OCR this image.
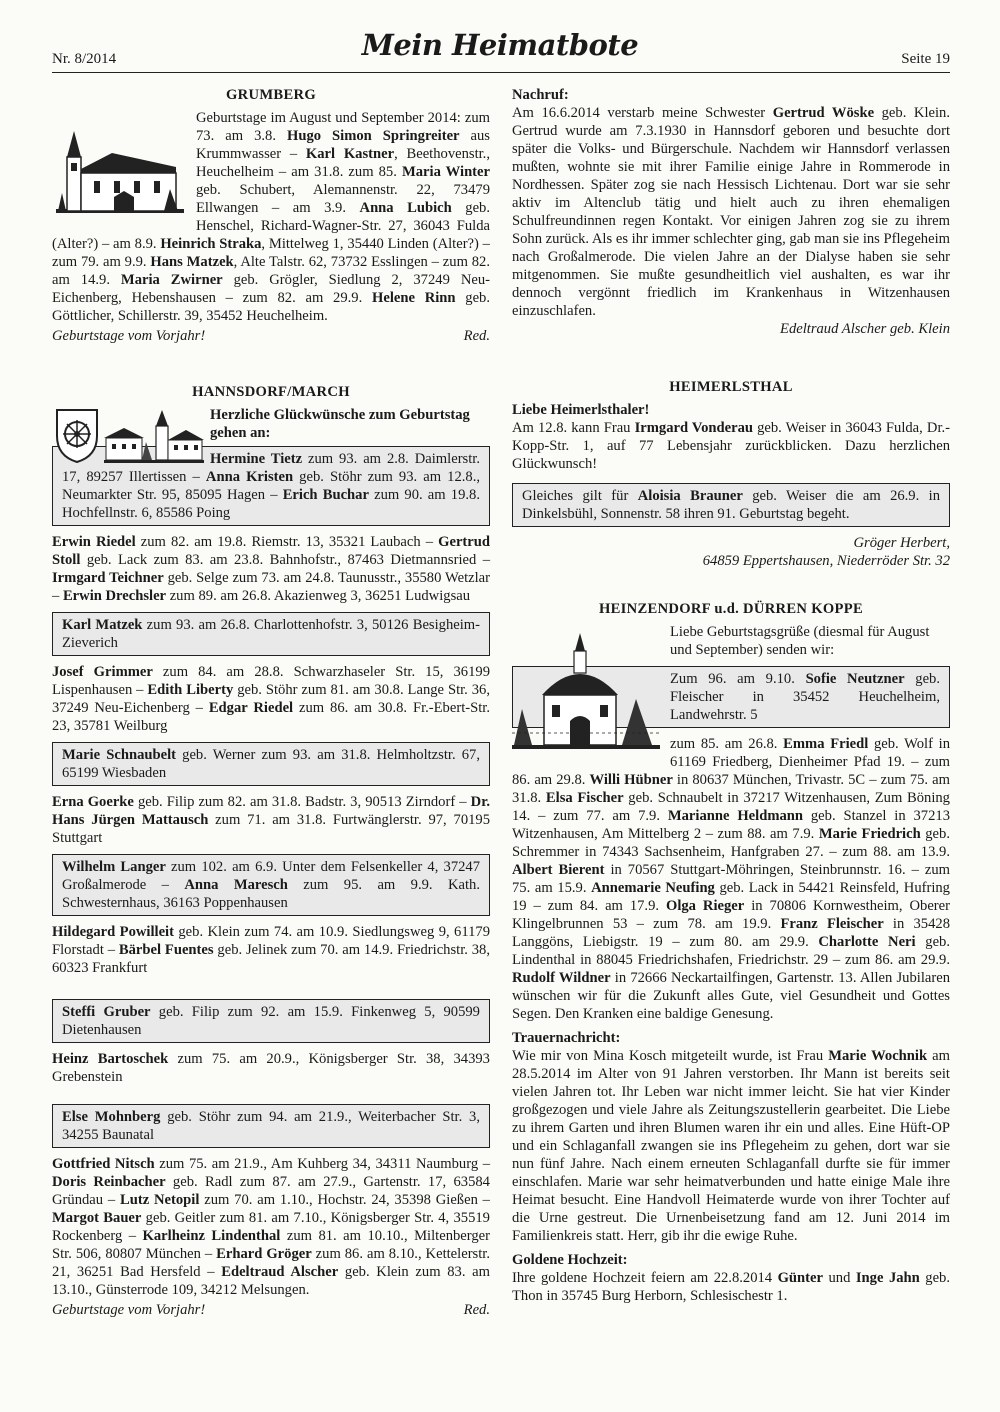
Nr. 8/2014	Mein Heimatbote	Seite 19
GRUMBERG

Geburtstage im August und September 2014: zum 73. am 3.8. Hugo Simon Springreiter aus Krummwasser – Karl Kastner, Beethovenstr., Heuchelheim – am 31.8. zum 85. Maria Winter geb. Schubert, Alemannenstr. 22, 73479 Ellwangen – am 3.9. Anna Lubich geb. Henschel, Richard-Wagner-Str. 27, 36043 Fulda (Alter?) – am 8.9. Heinrich Straka, Mittelweg 1, 35440 Linden (Alter?) – zum 79. am 9.9. Hans Matzek, Alte Talstr. 62, 73732 Esslingen – zum 82. am 14.9. Maria Zwirner geb. Grögler, Siedlung 2, 37249 Neu-Eichenberg, Hebenshausen – zum 82. am 29.9. Helene Rinn geb. Göttlicher, Schillerstr. 39, 35452 Heuchelheim.

Geburtstage vom Vorjahr!	Red.
HANNSDORF/MARCH

Herzliche Glückwünsche zum Geburtstag gehen an:

Hermine Tietz zum 93. am 2.8. Daimlerstr. 17, 89257 Illertissen – Anna Kristen geb. Stöhr zum 93. am 12.8., Neumarkter Str. 95, 85095 Hagen – Erich Buchar zum 90. am 19.8. Hochfellnstr. 6, 85586 Poing

Erwin Riedel zum 82. am 19.8. Riemstr. 13, 35321 Laubach – Gertrud Stoll geb. Lack zum 83. am 23.8. Bahnhofstr., 87463 Dietmannsried – Irmgard Teichner geb. Selge zum 73. am 24.8. Taunusstr., 35580 Wetzlar – Erwin Drechsler zum 89. am 26.8. Akazienweg 3, 36251 Ludwigsau

Karl Matzek zum 93. am 26.8. Charlottenhofstr. 3, 50126 Besigheim-Zieverich

Josef Grimmer zum 84. am 28.8. Schwarzhaseler Str. 15, 36199 Lispenhausen – Edith Liberty geb. Stöhr zum 81. am 30.8. Lange Str. 36, 37249 Neu-Eichenberg – Edgar Riedel zum 86. am 30.8. Fr.-Ebert-Str. 23, 35781 Weilburg

Marie Schnaubelt geb. Werner zum 93. am 31.8. Helmholtzstr. 67, 65199 Wiesbaden

Erna Goerke geb. Filip zum 82. am 31.8. Badstr. 3, 90513 Zirndorf – Dr. Hans Jürgen Mattausch zum 71. am 31.8. Furtwänglerstr. 97, 70195 Stuttgart

Wilhelm Langer zum 102. am 6.9. Unter dem Felsenkeller 4, 37247 Großalmerode – Anna Maresch zum 95. am 9.9. Kath. Schwesternhaus, 36163 Poppenhausen

Hildegard Powilleit geb. Klein zum 74. am 10.9. Siedlungsweg 9, 61179 Florstadt – Bärbel Fuentes geb. Jelinek zum 70. am 14.9. Friedrichstr. 38, 60323 Frankfurt

Steffi Gruber geb. Filip zum 92. am 15.9. Finkenweg 5, 90599 Dietenhausen

Heinz Bartoschek zum 75. am 20.9., Königsberger Str. 38, 34393 Grebenstein

Else Mohnberg geb. Stöhr zum 94. am 21.9., Weiterbacher Str. 3, 34255 Baunatal

Gottfried Nitsch zum 75. am 21.9., Am Kuhberg 34, 34311 Naumburg – Doris Reinbacher geb. Radl zum 87. am 27.9., Gartenstr. 17, 63584 Gründau – Lutz Netopil zum 70. am 1.10., Hochstr. 24, 35398 Gießen – Margot Bauer geb. Geitler zum 81. am 7.10., Königsberger Str. 4, 35519 Rockenberg – Karlheinz Lindenthal zum 81. am 10.10., Miltenberger Str. 506, 80807 München – Erhard Gröger zum 86. am 8.10., Kettelerstr. 21, 36251 Bad Hersfeld – Edeltraud Alscher geb. Klein zum 83. am 13.10., Günsterrode 109, 34212 Melsungen.

Geburtstage vom Vorjahr!	Red.
Nachruf:

Am 16.6.2014 verstarb meine Schwester Gertrud Wöske geb. Klein. Gertrud wurde am 7.3.1930 in Hannsdorf geboren und besuchte dort später die Volks- und Bürgerschule. Nachdem wir Hannsdorf verlassen mußten, wohnte sie mit ihrer Familie einige Jahre in Rommerode in Nordhessen. Später zog sie nach Hessisch Lichtenau. Dort war sie sehr aktiv im Altenclub tätig und hielt auch zu ihren ehemaligen Schulfreundinnen regen Kontakt. Vor einigen Jahren zog sie zu ihrem Sohn zurück. Als es ihr immer schlechter ging, gab man sie ins Pflegeheim nach Großalmerode. Die vielen Jahre an der Dialyse haben sie sehr mitgenommen. Sie mußte gesundheitlich viel aushalten, es war ihr dennoch vergönnt friedlich im Krankenhaus in Witzenhausen einzuschlafen.

Edeltraud Alscher geb. Klein
HEIMERLSTHAL
Liebe Heimerlsthaler!

Am 12.8. kann Frau Irmgard Vonderau geb. Weiser in 36043 Fulda, Dr.-Kopp-Str. 1, auf 77 Lebensjahr zurückblicken. Dazu herzlichen Glückwunsch!

Gleiches gilt für Aloisia Brauner geb. Weiser die am 26.9. in Dinkelsbühl, Sonnenstr. 58 ihren 91. Geburtstag begeht.
Gröger Herbert,
64859 Eppertshausen, Niederröder Str. 32
HEINZENDORF u.d. DÜRREN KOPPE

Liebe Geburtstagsgrüße (diesmal für August und September) senden wir:

Zum 96. am 9.10. Sofie Neutzner geb. Fleischer in 35452 Heuchelheim, Landwehrstr. 5

zum 85. am 26.8. Emma Friedl geb. Wolf in 61169 Friedberg, Dienheimer Pfad 19. – zum 86. am 29.8. Willi Hübner in 80637 München, Trivastr. 5C – zum 75. am 31.8. Elsa Fischer geb. Schnaubelt in 37217 Witzenhausen, Zum Böning 14. – zum 77. am 7.9. Marianne Heldmann geb. Stanzel in 37213 Witzenhausen, Am Mittelberg 2 – zum 88. am 7.9. Marie Friedrich geb. Schremmer in 74343 Sachsenheim, Hanfgraben 27. – zum 88. am 13.9. Albert Bierent in 70567 Stuttgart-Möhringen, Steinbrunnstr. 16. – zum 75. am 15.9. Annemarie Neufing geb. Lack in 54421 Reinsfeld, Hufring 19 – zum 84. am 17.9. Olga Rieger in 70806 Kornwestheim, Oberer Klingelbrunnen 53 – zum 78. am 19.9. Franz Fleischer in 35428 Langgöns, Liebigstr. 19 – zum 80. am 29.9. Charlotte Neri geb. Lindenthal in 88045 Friedrichshafen, Friedrichstr. 29 – zum 86. am 29.9. Rudolf Wildner in 72666 Neckartailfingen, Gartenstr. 13. Allen Jubilaren wünschen wir für die Zukunft alles Gute, viel Gesundheit und Gottes Segen. Den Kranken eine baldige Genesung.

Trauernachricht:

Wie mir von Mina Kosch mitgeteilt wurde, ist Frau Marie Wochnik am 28.5.2014 im Alter von 91 Jahren verstorben. Ihr Mann ist bereits seit vielen Jahren tot. Ihr Leben war nicht immer leicht. Sie hat vier Kinder großgezogen und viele Jahre als Zeitungszustellerin gearbeitet. Die Liebe zu ihrem Garten und ihren Blumen waren ihr ein und alles. Eine Hüft-OP und ein Schlaganfall zwangen sie ins Pflegeheim zu gehen, dort war sie nun fünf Jahre. Nach einem erneuten Schlaganfall durfte sie für immer einschlafen. Marie war sehr heimatverbunden und hatte einige Male ihre Heimat besucht. Eine Handvoll Heimaterde wurde von ihrer Tochter auf die Urne gestreut. Die Urnenbeisetzung fand am 12. Juni 2014 im Familienkreis statt. Herr, gib ihr die ewige Ruhe.

Goldene Hochzeit:

Ihre goldene Hochzeit feiern am 22.8.2014 Günter und Inge Jahn geb. Thon in 35745 Burg Herborn, Schlesischestr 1.
